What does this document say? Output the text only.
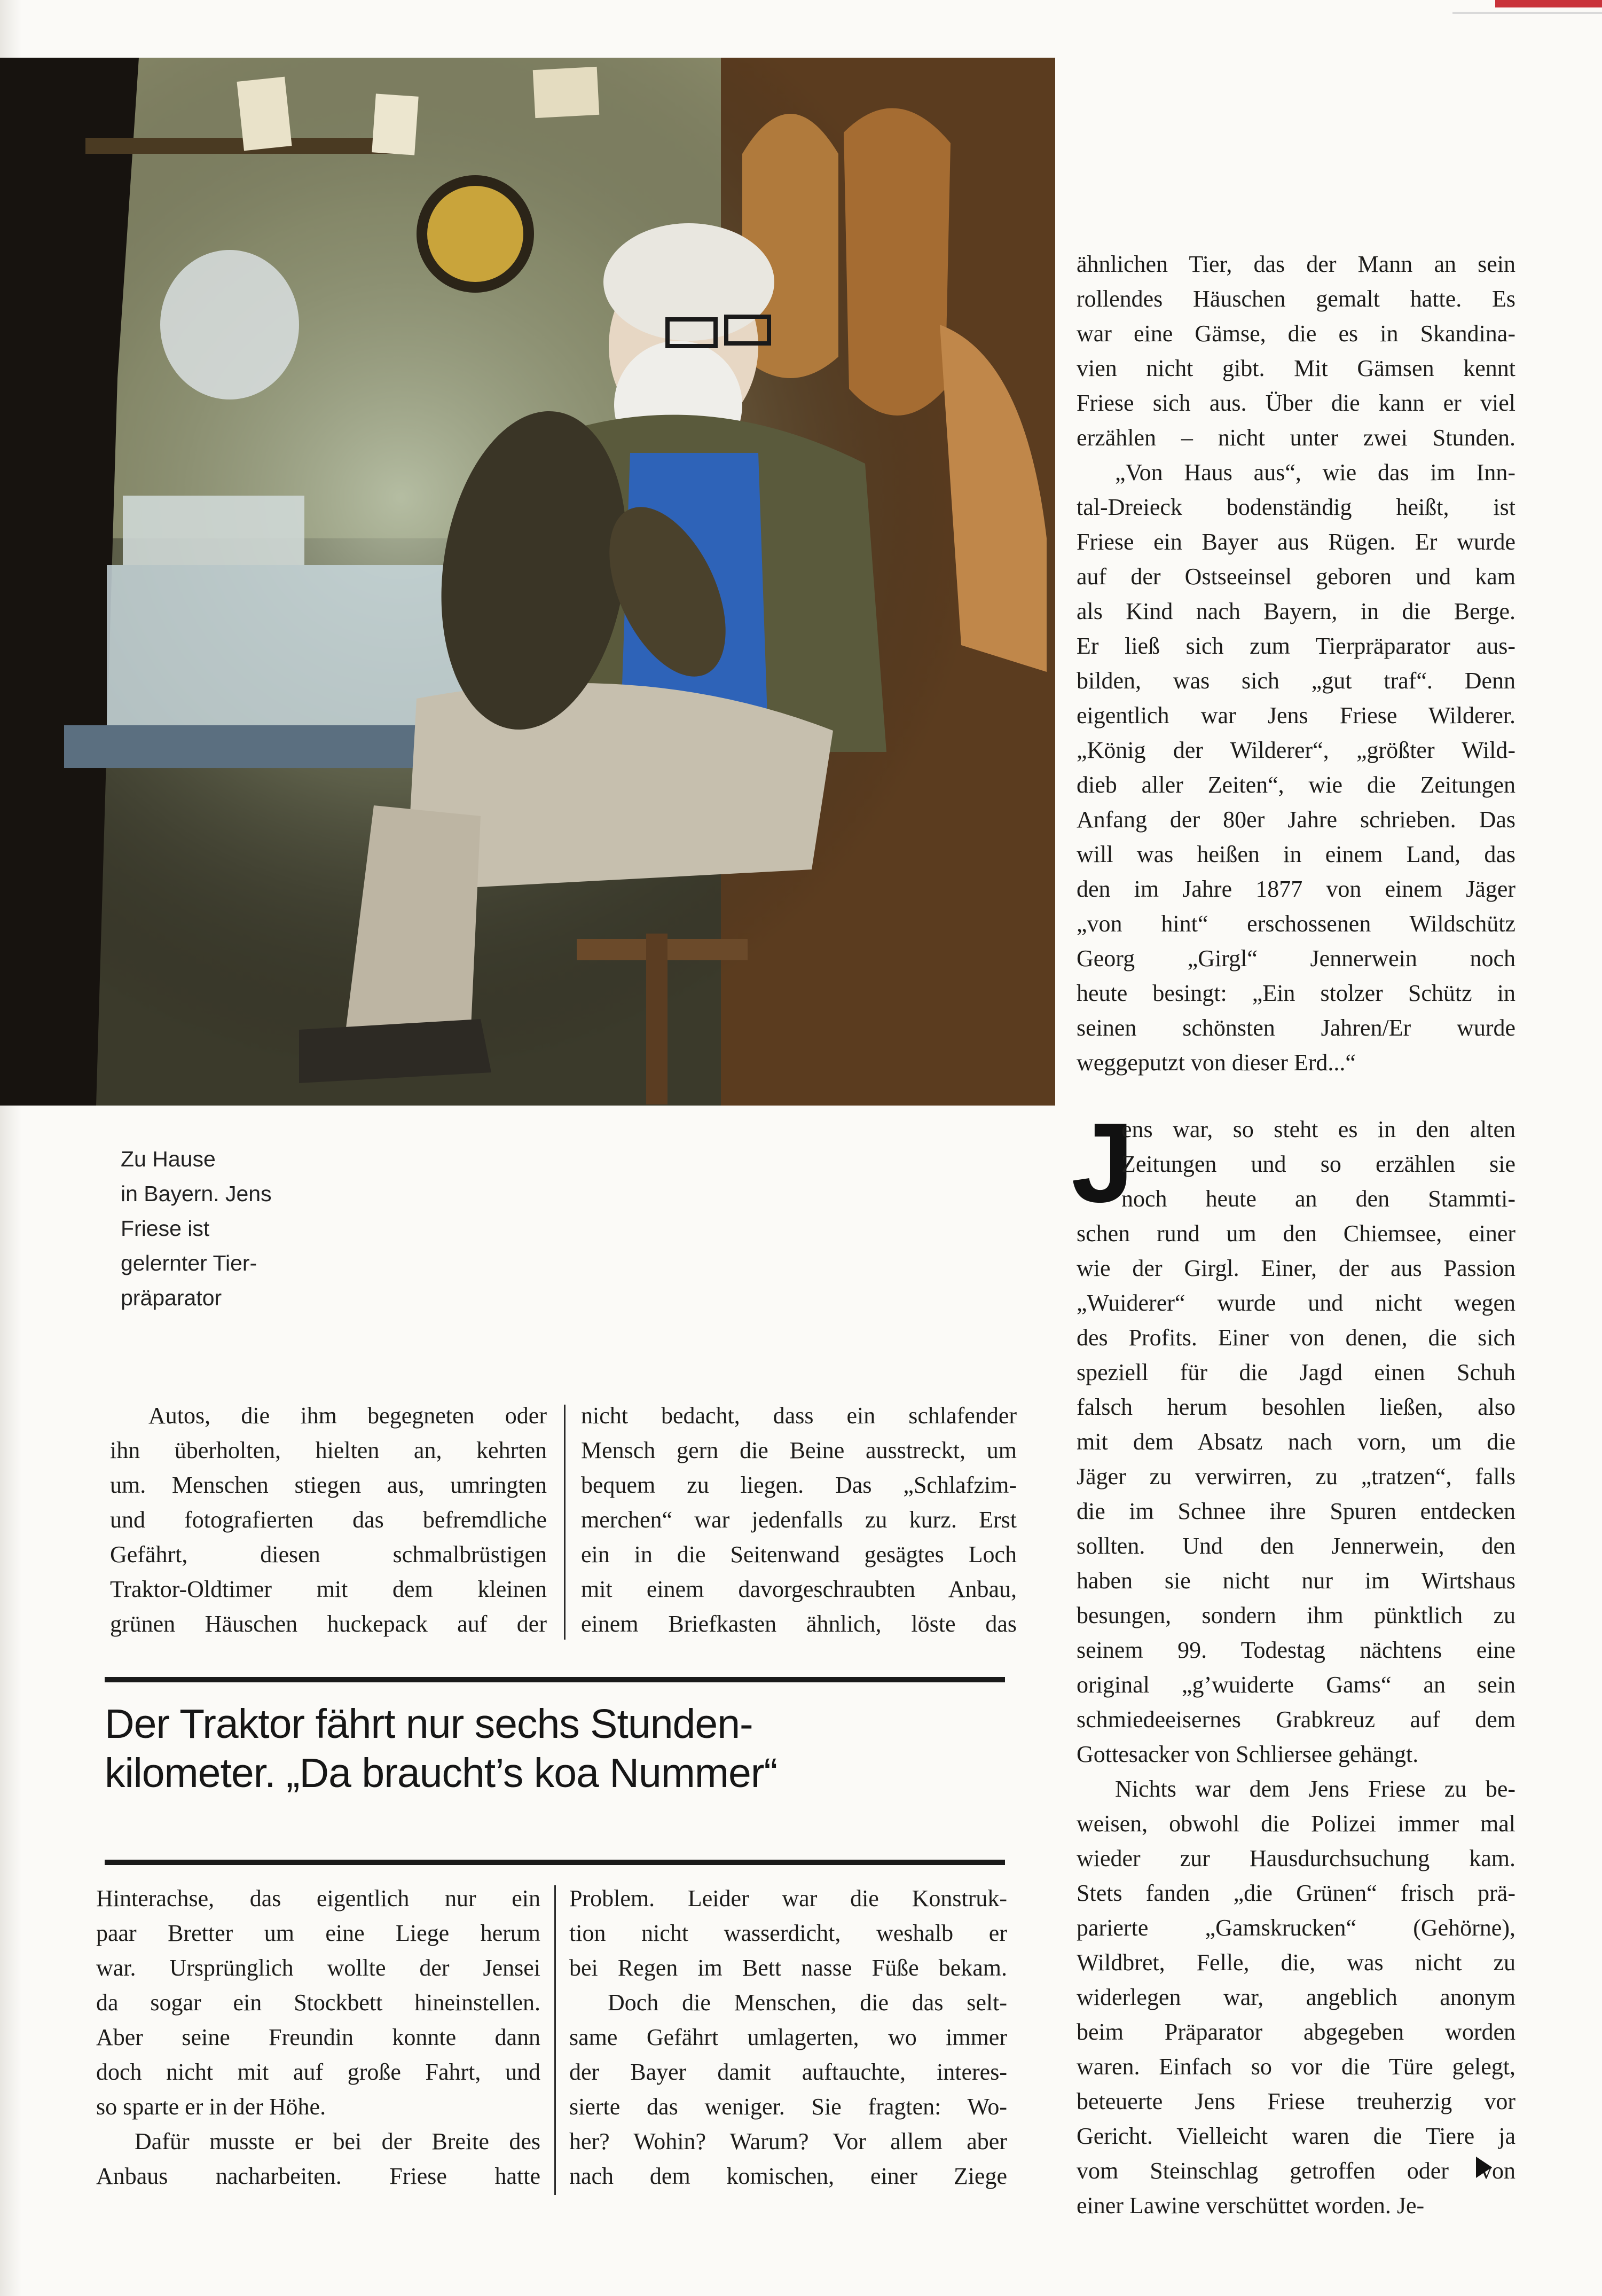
Zu Hause
in Bayern. Jens
Friese ist
gelernter Tier-
präparator
ähnlichen Tier, das der Mann an sein
rollendes Häuschen gemalt hatte. Es
war eine Gämse, die es in Skandina-
vien nicht gibt. Mit Gämsen kennt
Friese sich aus. Über die kann er viel
erzählen – nicht unter zwei Stunden.
„Von Haus aus“, wie das im Inn-
tal-Dreieck bodenständig heißt, ist
Friese ein Bayer aus Rügen. Er wurde
auf der Ostseeinsel geboren und kam
als Kind nach Bayern, in die Berge.
Er ließ sich zum Tierpräparator aus-
bilden, was sich „gut traf“. Denn
eigentlich war Jens Friese Wilderer.
„König der Wilderer“, „größter Wild-
dieb aller Zeiten“, wie die Zeitungen
Anfang der 80er Jahre schrieben. Das
will was heißen in einem Land, das
den im Jahre 1877 von einem Jäger
„von hint“ erschossenen Wildschütz
Georg „Girgl“ Jennerwein noch
heute besingt: „Ein stolzer Schütz in
seinen schönsten Jahren/Er wurde
weggeputzt von dieser Erd...“
J
ens war, so steht es in den alten
Zeitungen und so erzählen sie
noch heute an den Stammti-
schen rund um den Chiemsee, einer
wie der Girgl. Einer, der aus Passion
„Wuiderer“ wurde und nicht wegen
des Profits. Einer von denen, die sich
speziell für die Jagd einen Schuh
falsch herum besohlen ließen, also
mit dem Absatz nach vorn, um die
Jäger zu verwirren, zu „tratzen“, falls
die im Schnee ihre Spuren entdecken
sollten. Und den Jennerwein, den
haben sie nicht nur im Wirtshaus
besungen, sondern ihm pünktlich zu
seinem 99. Todestag nächtens eine
original „g’wuiderte Gams“ an sein
schmiedeeisernes Grabkreuz auf dem
Gottesacker von Schliersee gehängt.
Nichts war dem Jens Friese zu be-
weisen, obwohl die Polizei immer mal
wieder zur Hausdurchsuchung kam.
Stets fanden „die Grünen“ frisch prä-
parierte „Gamskrucken“ (Gehörne),
Wildbret, Felle, die, was nicht zu
widerlegen war, angeblich anonym
beim Präparator abgegeben worden
waren. Einfach so vor die Türe gelegt,
beteuerte Jens Friese treuherzig vor
Gericht. Vielleicht waren die Tiere ja
vom Steinschlag getroffen oder von
einer Lawine verschüttet worden. Je-
Autos, die ihm begegneten oder
ihn überholten, hielten an, kehrten
um. Menschen stiegen aus, umringten
und fotografierten das befremdliche
Gefährt, diesen schmalbrüstigen
Traktor-Oldtimer mit dem kleinen
grünen Häuschen huckepack auf der
nicht bedacht, dass ein schlafender
Mensch gern die Beine ausstreckt, um
bequem zu liegen. Das „Schlafzim-
merchen“ war jedenfalls zu kurz. Erst
ein in die Seitenwand gesägtes Loch
mit einem davorgeschraubten Anbau,
einem Briefkasten ähnlich, löste das
Der Traktor fährt nur sechs Stunden-
kilometer. „Da braucht’s koa Nummer“
Hinterachse, das eigentlich nur ein
paar Bretter um eine Liege herum
war. Ursprünglich wollte der Jensei
da sogar ein Stockbett hineinstellen.
Aber seine Freundin konnte dann
doch nicht mit auf große Fahrt, und
so sparte er in der Höhe.
Dafür musste er bei der Breite des
Anbaus nacharbeiten. Friese hatte
Problem. Leider war die Konstruk-
tion nicht wasserdicht, weshalb er
bei Regen im Bett nasse Füße bekam.
Doch die Menschen, die das selt-
same Gefährt umlagerten, wo immer
der Bayer damit auftauchte, interes-
sierte das weniger. Sie fragten: Wo-
her? Wohin? Warum? Vor allem aber
nach dem komischen, einer Ziege
